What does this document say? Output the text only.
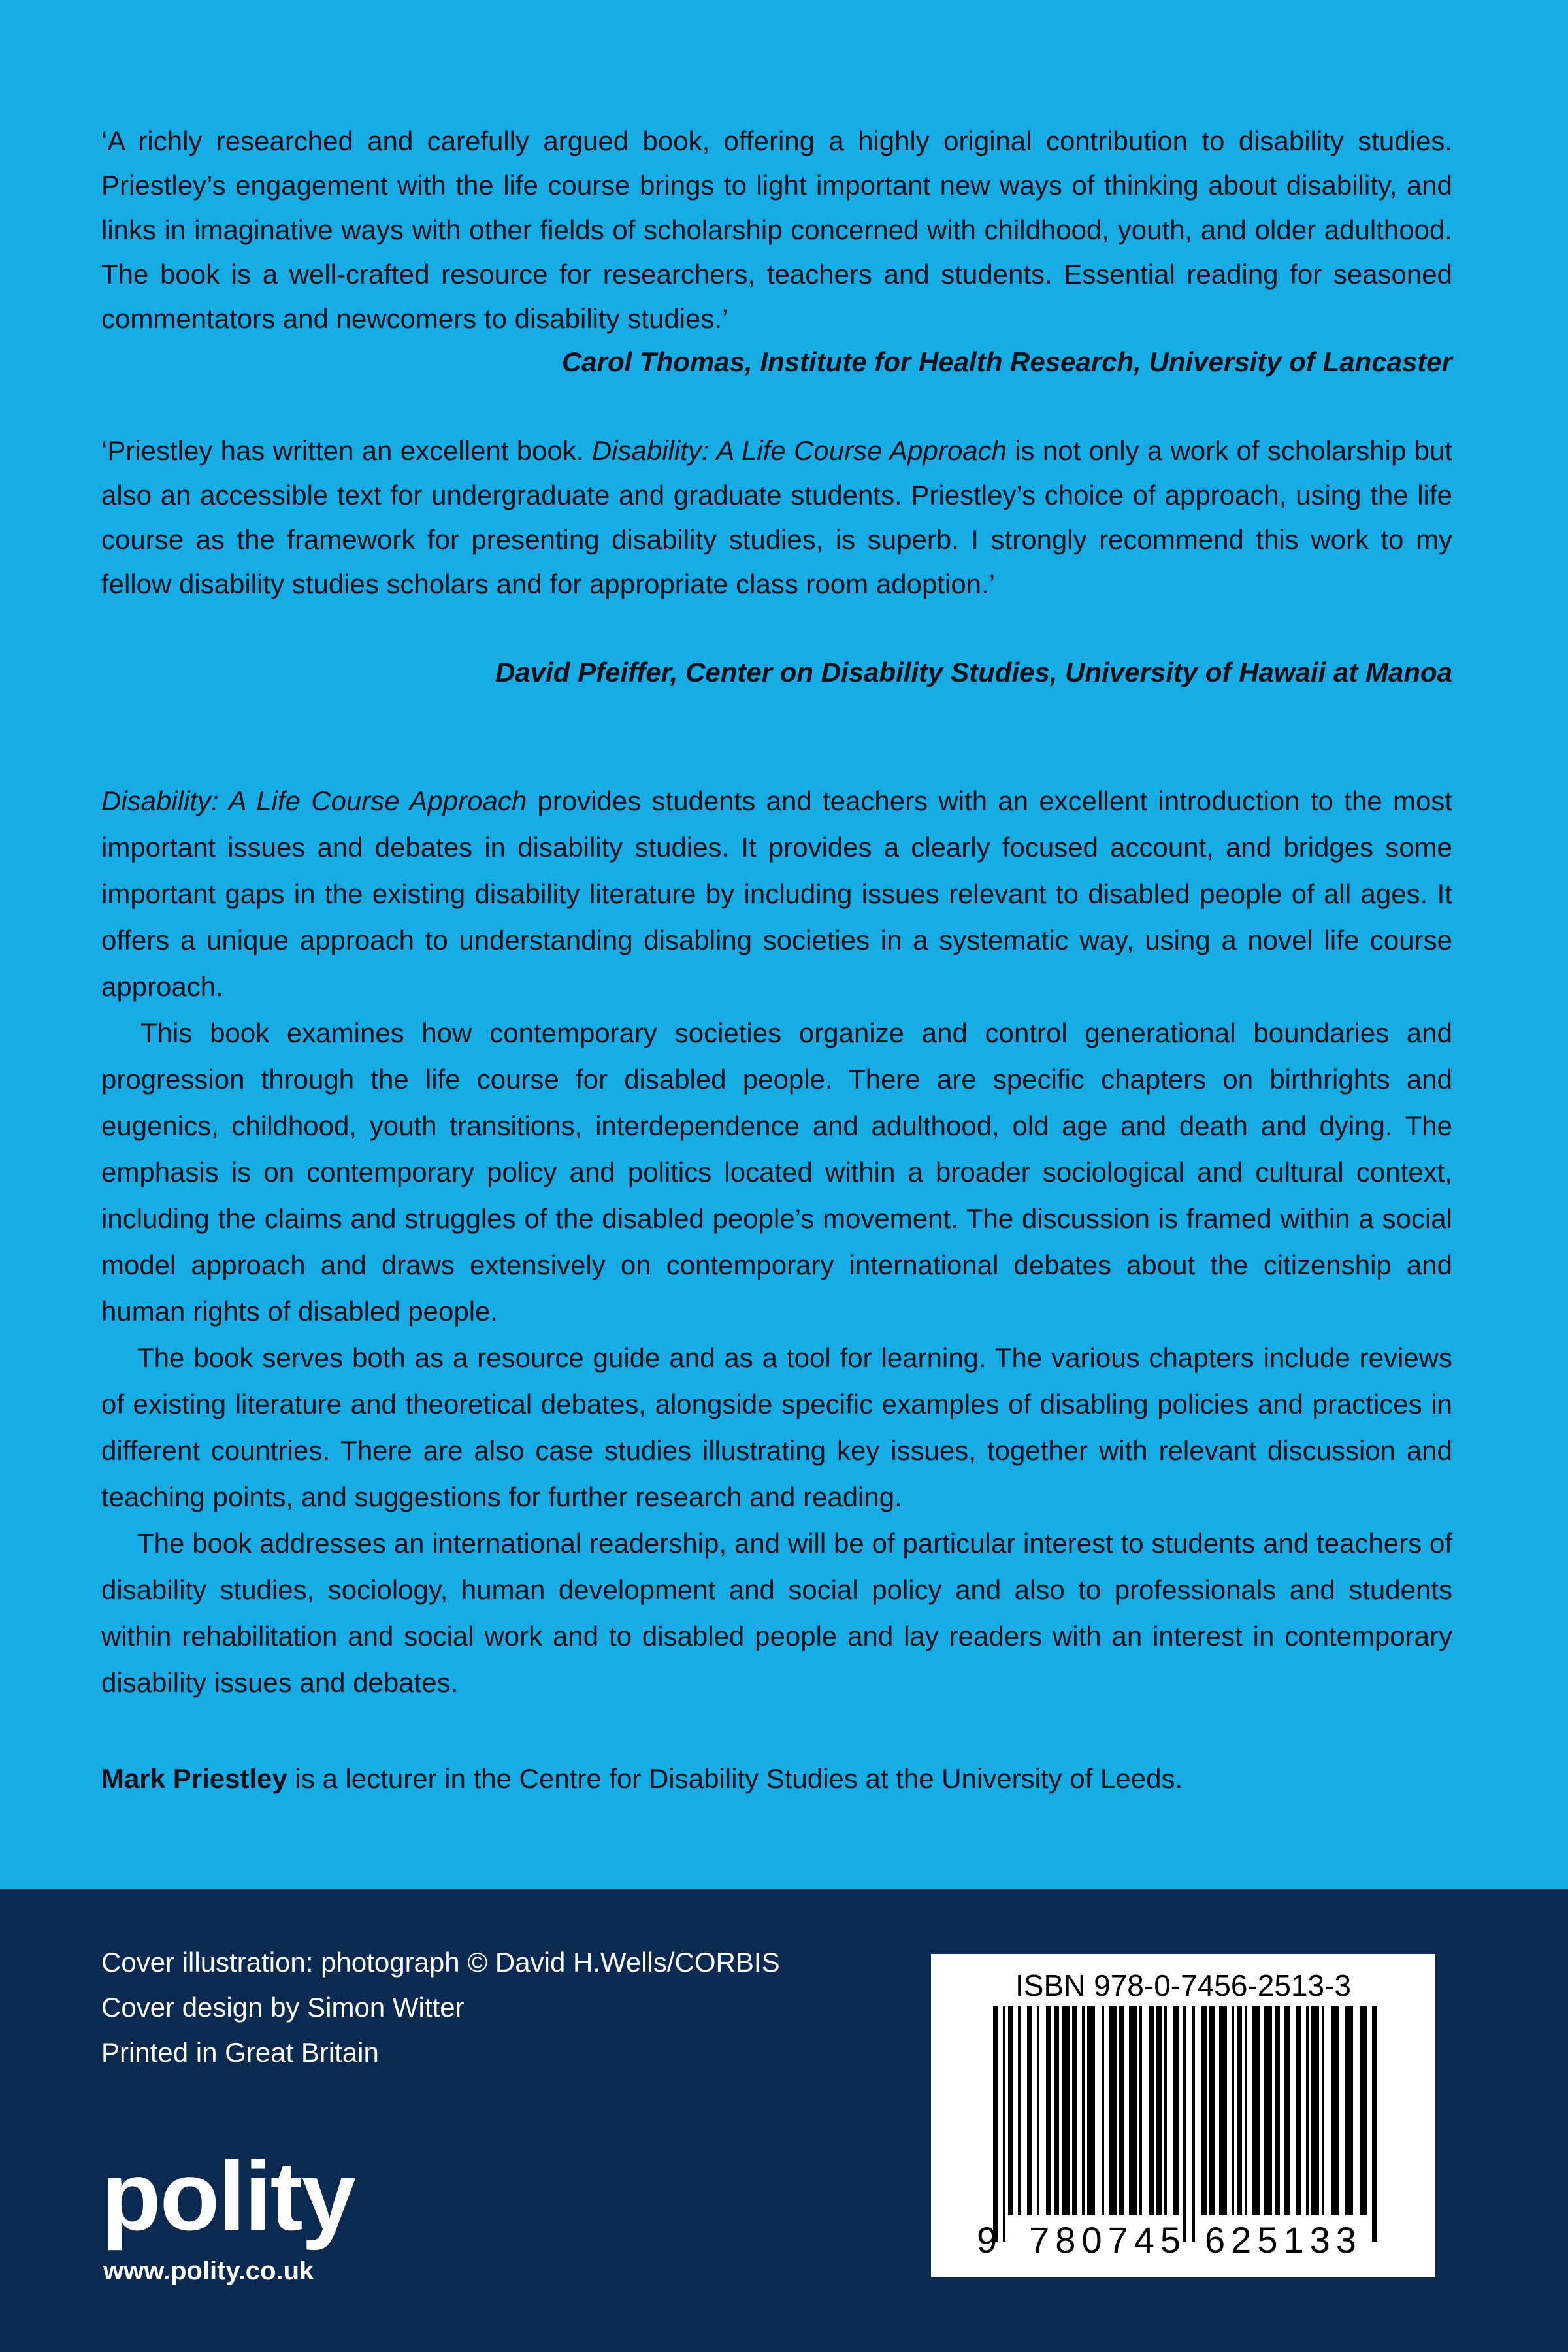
‘A richly researched and carefully argued book, offering a highly original contribution to disability studies. Priestley’s engagement with the life course brings to light important new ways of thinking about disability, and links in imaginative ways with other fields of scholarship concerned with childhood, youth, and older adulthood. The book is a well-crafted resource for researchers, teachers and students. Essential reading for seasoned commentators and newcomers to disability studies.’

Carol Thomas, Institute for Health Research, University of Lancaster

‘Priestley has written an excellent book. Disability: A Life Course Approach is not only a work of scholarship but also an accessible text for undergraduate and graduate students. Priestley’s choice of approach, using the life course as the framework for presenting disability studies, is superb. I strongly recommend this work to my fellow disability studies scholars and for appropriate class room adoption.’

David Pfeiffer, Center on Disability Studies, University of Hawaii at Manoa

Disability: A Life Course Approach provides students and teachers with an excellent introduction to the most important issues and debates in disability studies. It provides a clearly focused account, and bridges some important gaps in the existing disability literature by including issues relevant to disabled people of all ages. It offers a unique approach to understanding disabling societies in a systematic way, using a novel life course approach.

This book examines how contemporary societies organize and control generational boundaries and progression through the life course for disabled people. There are specific chapters on birthrights and eugenics, childhood, youth transitions, interdependence and adulthood, old age and death and dying. The emphasis is on contemporary policy and politics located within a broader sociological and cultural context, including the claims and struggles of the disabled people’s movement. The discussion is framed within a social model approach and draws extensively on contemporary international debates about the citizenship and human rights of disabled people.

The book serves both as a resource guide and as a tool for learning. The various chapters include reviews of existing literature and theoretical debates, alongside specific examples of disabling policies and practices in different countries. There are also case studies illustrating key issues, together with relevant discussion and teaching points, and suggestions for further research and reading.

The book addresses an international readership, and will be of particular interest to students and teachers of disability studies, sociology, human development and social policy and also to professionals and students within rehabilitation and social work and to disabled people and lay readers with an interest in contemporary disability issues and debates.

Mark Priestley is a lecturer in the Centre for Disability Studies at the University of Leeds.

Cover illustration: photograph © David H.Wells/CORBIS
Cover design by Simon Witter
Printed in Great Britain
polity
www.polity.co.uk
ISBN 978-0-7456-2513-3
9 780745 625133
